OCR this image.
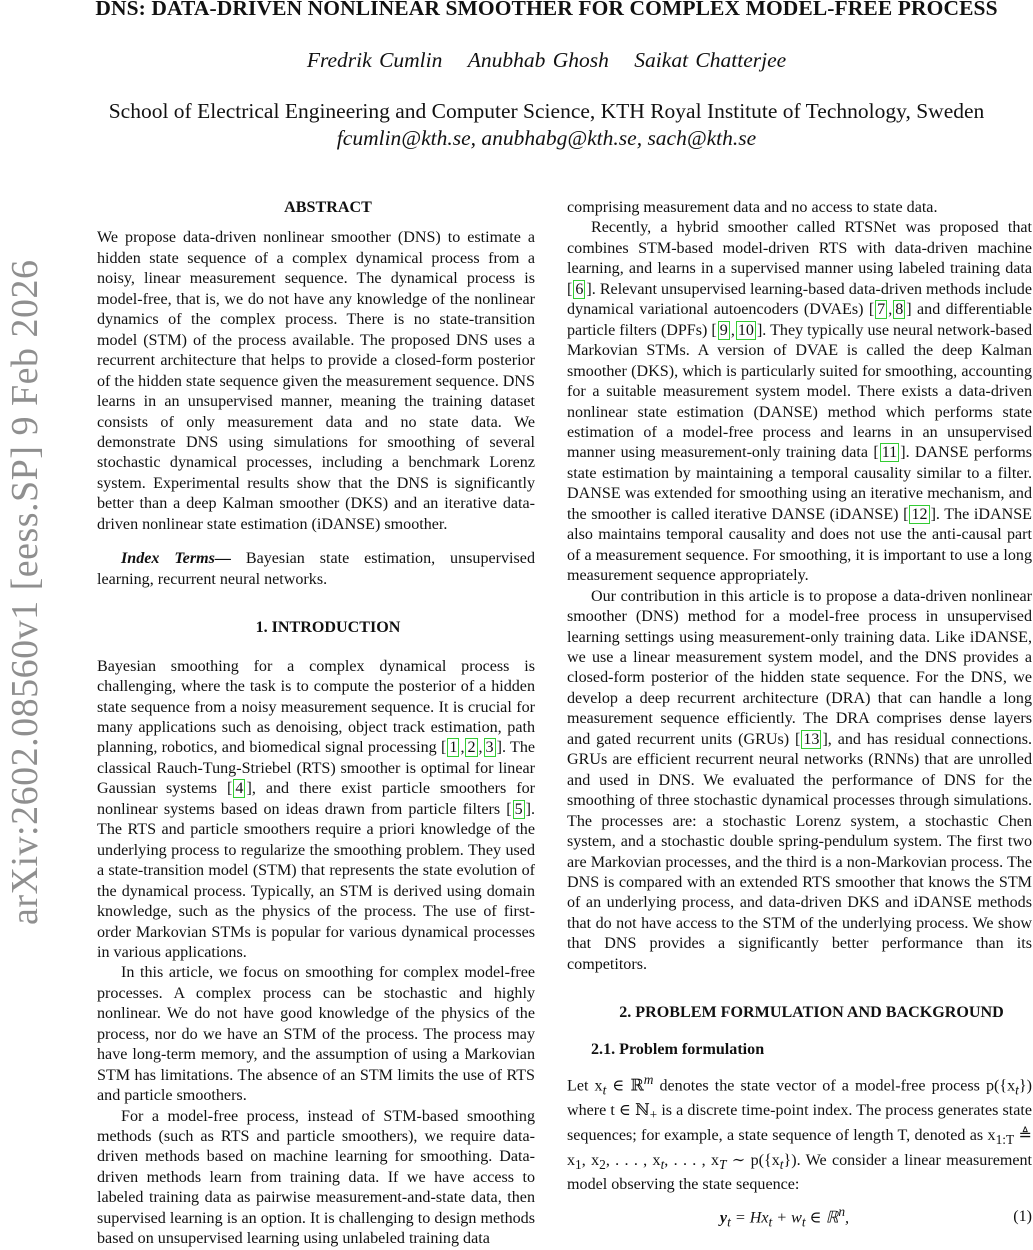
DNS: DATA-DRIVEN NONLINEAR SMOOTHER FOR COMPLEX MODEL-FREE PROCESS
Fredrik Cumlin Anubhab Ghosh Saikat Chatterjee
School of Electrical Engineering and Computer Science, KTH Royal Institute of Technology, Sweden
fcumlin@kth.se, anubhabg@kth.se, sach@kth.se
arXiv:2602.08560v1 [eess.SP] 9 Feb 2026

ABSTRACT

We propose data-driven nonlinear smoother (DNS) to estimate a hidden state sequence of a complex dynamical process from a noisy, linear measurement sequence. The dynamical process is model-free, that is, we do not have any knowledge of the nonlinear dynamics of the complex process. There is no state-transition model (STM) of the process available. The proposed DNS uses a recurrent architecture that helps to provide a closed-form posterior of the hidden state sequence given the measurement sequence. DNS learns in an unsupervised manner, meaning the training dataset consists of only measurement data and no state data. We demonstrate DNS using simulations for smoothing of several stochastic dynamical processes, including a benchmark Lorenz system. Experimental results show that the DNS is significantly better than a deep Kalman smoother (DKS) and an iterative data-driven nonlinear state estimation (iDANSE) smoother.

Index Terms— Bayesian state estimation, unsupervised learning, recurrent neural networks.

1. INTRODUCTION

Bayesian smoothing for a complex dynamical process is challenging, where the task is to compute the posterior of a hidden state sequence from a noisy measurement sequence. It is crucial for many applications such as denoising, object track estimation, path planning, robotics, and biomedical signal processing [ 1 , 2 , 3 ]. The classical Rauch-Tung-Striebel (RTS) smoother is optimal for linear Gaussian systems [ 4 ], and there exist particle smoothers for nonlinear systems based on ideas drawn from particle filters [ 5 ]. The RTS and particle smoothers require a priori knowledge of the underlying process to regularize the smoothing problem. They used a state-transition model (STM) that represents the state evolution of the dynamical process. Typically, an STM is derived using domain knowledge, such as the physics of the process. The use of first-order Markovian STMs is popular for various dynamical processes in various applications.

In this article, we focus on smoothing for complex model-free processes. A complex process can be stochastic and highly nonlinear. We do not have good knowledge of the physics of the process, nor do we have an STM of the process. The process may have long-term memory, and the assumption of using a Markovian STM has limitations. The absence of an STM limits the use of RTS and particle smoothers.

For a model-free process, instead of STM-based smoothing methods (such as RTS and particle smoothers), we require data-driven methods based on machine learning for smoothing. Data-driven methods learn from training data. If we have access to labeled training data as pairwise measurement-and-state data, then supervised learning is an option. It is challenging to design methods based on unsupervised learning using unlabeled training data

comprising measurement data and no access to state data.

Recently, a hybrid smoother called RTSNet was proposed that combines STM-based model-driven RTS with data-driven machine learning, and learns in a supervised manner using labeled training data [ 6 ]. Relevant unsupervised learning-based data-driven methods include dynamical variational autoencoders (DVAEs) [ 7 , 8 ] and differentiable particle filters (DPFs) [ 9 , 10 ]. They typically use neural network-based Markovian STMs. A version of DVAE is called the deep Kalman smoother (DKS), which is particularly suited for smoothing, accounting for a suitable measurement system model. There exists a data-driven nonlinear state estimation (DANSE) method which performs state estimation of a model-free process and learns in an unsupervised manner using measurement-only training data [ 11 ]. DANSE performs state estimation by maintaining a temporal causality similar to a filter. DANSE was extended for smoothing using an iterative mechanism, and the smoother is called iterative DANSE (iDANSE) [ 12 ]. The iDANSE also maintains temporal causality and does not use the anti-causal part of a measurement sequence. For smoothing, it is important to use a long measurement sequence appropriately.

Our contribution in this article is to propose a data-driven nonlinear smoother (DNS) method for a model-free process in unsupervised learning settings using measurement-only training data. Like iDANSE, we use a linear measurement system model, and the DNS provides a closed-form posterior of the hidden state sequence. For the DNS, we develop a deep recurrent architecture (DRA) that can handle a long measurement sequence efficiently. The DRA comprises dense layers and gated recurrent units (GRUs) [ 13 ], and has residual connections. GRUs are efficient recurrent neural networks (RNNs) that are unrolled and used in DNS. We evaluated the performance of DNS for the smoothing of three stochastic dynamical processes through simulations. The processes are: a stochastic Lorenz system, a stochastic Chen system, and a stochastic double spring-pendulum system. The first two are Markovian processes, and the third is a non-Markovian process. The DNS is compared with an extended RTS smoother that knows the STM of an underlying process, and data-driven DKS and iDANSE methods that do not have access to the STM of the underlying process. We show that DNS provides a significantly better performance than its competitors.

2. PROBLEM FORMULATION AND BACKGROUND

2.1. Problem formulation

Let $x_t$ ∈ ℝ$^m$ denotes the state vector of a model-free process $p(\{x_t\})$ where t ∈ ℕ$_+$ is a discrete time-point index. The process generates state sequences; for example, a state sequence of length T, denoted as $x_{1:T}$ ≜ $x_1$, $x_2$, . . . , $x_t$, . . . , $x_T$ ∼ $p(\{x_t\})$. We consider a linear measurement model observing the state sequence:

$y_t = Hx_t + w_t$ ∈ ℝ$^n$,	(1)
